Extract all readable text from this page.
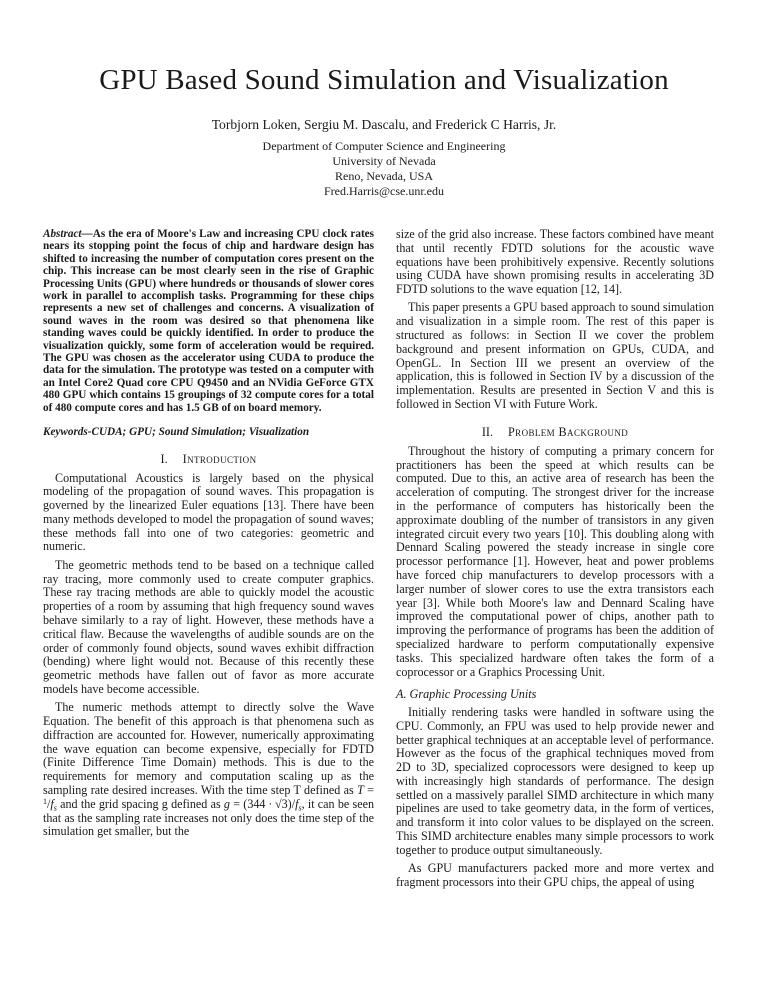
GPU Based Sound Simulation and Visualization
Torbjorn Loken, Sergiu M. Dascalu, and Frederick C Harris, Jr.
Department of Computer Science and Engineering
University of Nevada
Reno, Nevada, USA
Fred.Harris@cse.unr.edu

Abstract—As the era of Moore's Law and increasing CPU clock rates nears its stopping point the focus of chip and hardware design has shifted to increasing the number of computation cores present on the chip. This increase can be most clearly seen in the rise of Graphic Processing Units (GPU) where hundreds or thousands of slower cores work in parallel to accomplish tasks. Programming for these chips represents a new set of challenges and concerns. A visualization of sound waves in the room was desired so that phenomena like standing waves could be quickly identified. In order to produce the visualization quickly, some form of acceleration would be required. The GPU was chosen as the accelerator using CUDA to produce the data for the simulation. The prototype was tested on a computer with an Intel Core2 Quad core CPU Q9450 and an NVidia GeForce GTX 480 GPU which contains 15 groupings of 32 compute cores for a total of 480 compute cores and has 1.5 GB of on board memory.

Keywords-CUDA; GPU; Sound Simulation; Visualization

I. Introduction

Computational Acoustics is largely based on the physical modeling of the propagation of sound waves. This propagation is governed by the linearized Euler equations [13]. There have been many methods developed to model the propagation of sound waves; these methods fall into one of two categories: geometric and numeric.

The geometric methods tend to be based on a technique called ray tracing, more commonly used to create computer graphics. These ray tracing methods are able to quickly model the acoustic properties of a room by assuming that high frequency sound waves behave similarly to a ray of light. However, these methods have a critical flaw. Because the wavelengths of audible sounds are on the order of commonly found objects, sound waves exhibit diffraction (bending) where light would not. Because of this recently these geometric methods have fallen out of favor as more accurate models have become accessible.

The numeric methods attempt to directly solve the Wave Equation. The benefit of this approach is that phenomena such as diffraction are accounted for. However, numerically approximating the wave equation can become expensive, especially for FDTD (Finite Difference Time Domain) methods. This is due to the requirements for memory and computation scaling up as the sampling rate desired increases. With the time step T defined as $T = ^1/f_s$ and the grid spacing g defined as $g = (344 \cdot √3)/f_s$, it can be seen that as the sampling rate increases not only does the time step of the simulation get smaller, but the

size of the grid also increase. These factors combined have meant that until recently FDTD solutions for the acoustic wave equations have been prohibitively expensive. Recently solutions using CUDA have shown promising results in accelerating 3D FDTD solutions to the wave equation [12, 14].

This paper presents a GPU based approach to sound simulation and visualization in a simple room. The rest of this paper is structured as follows: in Section II we cover the problem background and present information on GPUs, CUDA, and OpenGL. In Section III we present an overview of the application, this is followed in Section IV by a discussion of the implementation. Results are presented in Section V and this is followed in Section VI with Future Work.

II. Problem Background

Throughout the history of computing a primary concern for practitioners has been the speed at which results can be computed. Due to this, an active area of research has been the acceleration of computing. The strongest driver for the increase in the performance of computers has historically been the approximate doubling of the number of transistors in any given integrated circuit every two years [10]. This doubling along with Dennard Scaling powered the steady increase in single core processor performance [1]. However, heat and power problems have forced chip manufacturers to develop processors with a larger number of slower cores to use the extra transistors each year [3]. While both Moore's law and Dennard Scaling have improved the computational power of chips, another path to improving the performance of programs has been the addition of specialized hardware to perform computationally expensive tasks. This specialized hardware often takes the form of a coprocessor or a Graphics Processing Unit.

A. Graphic Processing Units

Initially rendering tasks were handled in software using the CPU. Commonly, an FPU was used to help provide newer and better graphical techniques at an acceptable level of performance. However as the focus of the graphical techniques moved from 2D to 3D, specialized coprocessors were designed to keep up with increasingly high standards of performance. The design settled on a massively parallel SIMD architecture in which many pipelines are used to take geometry data, in the form of vertices, and transform it into color values to be displayed on the screen. This SIMD architecture enables many simple processors to work together to produce output simultaneously.

As GPU manufacturers packed more and more vertex and fragment processors into their GPU chips, the appeal of using
